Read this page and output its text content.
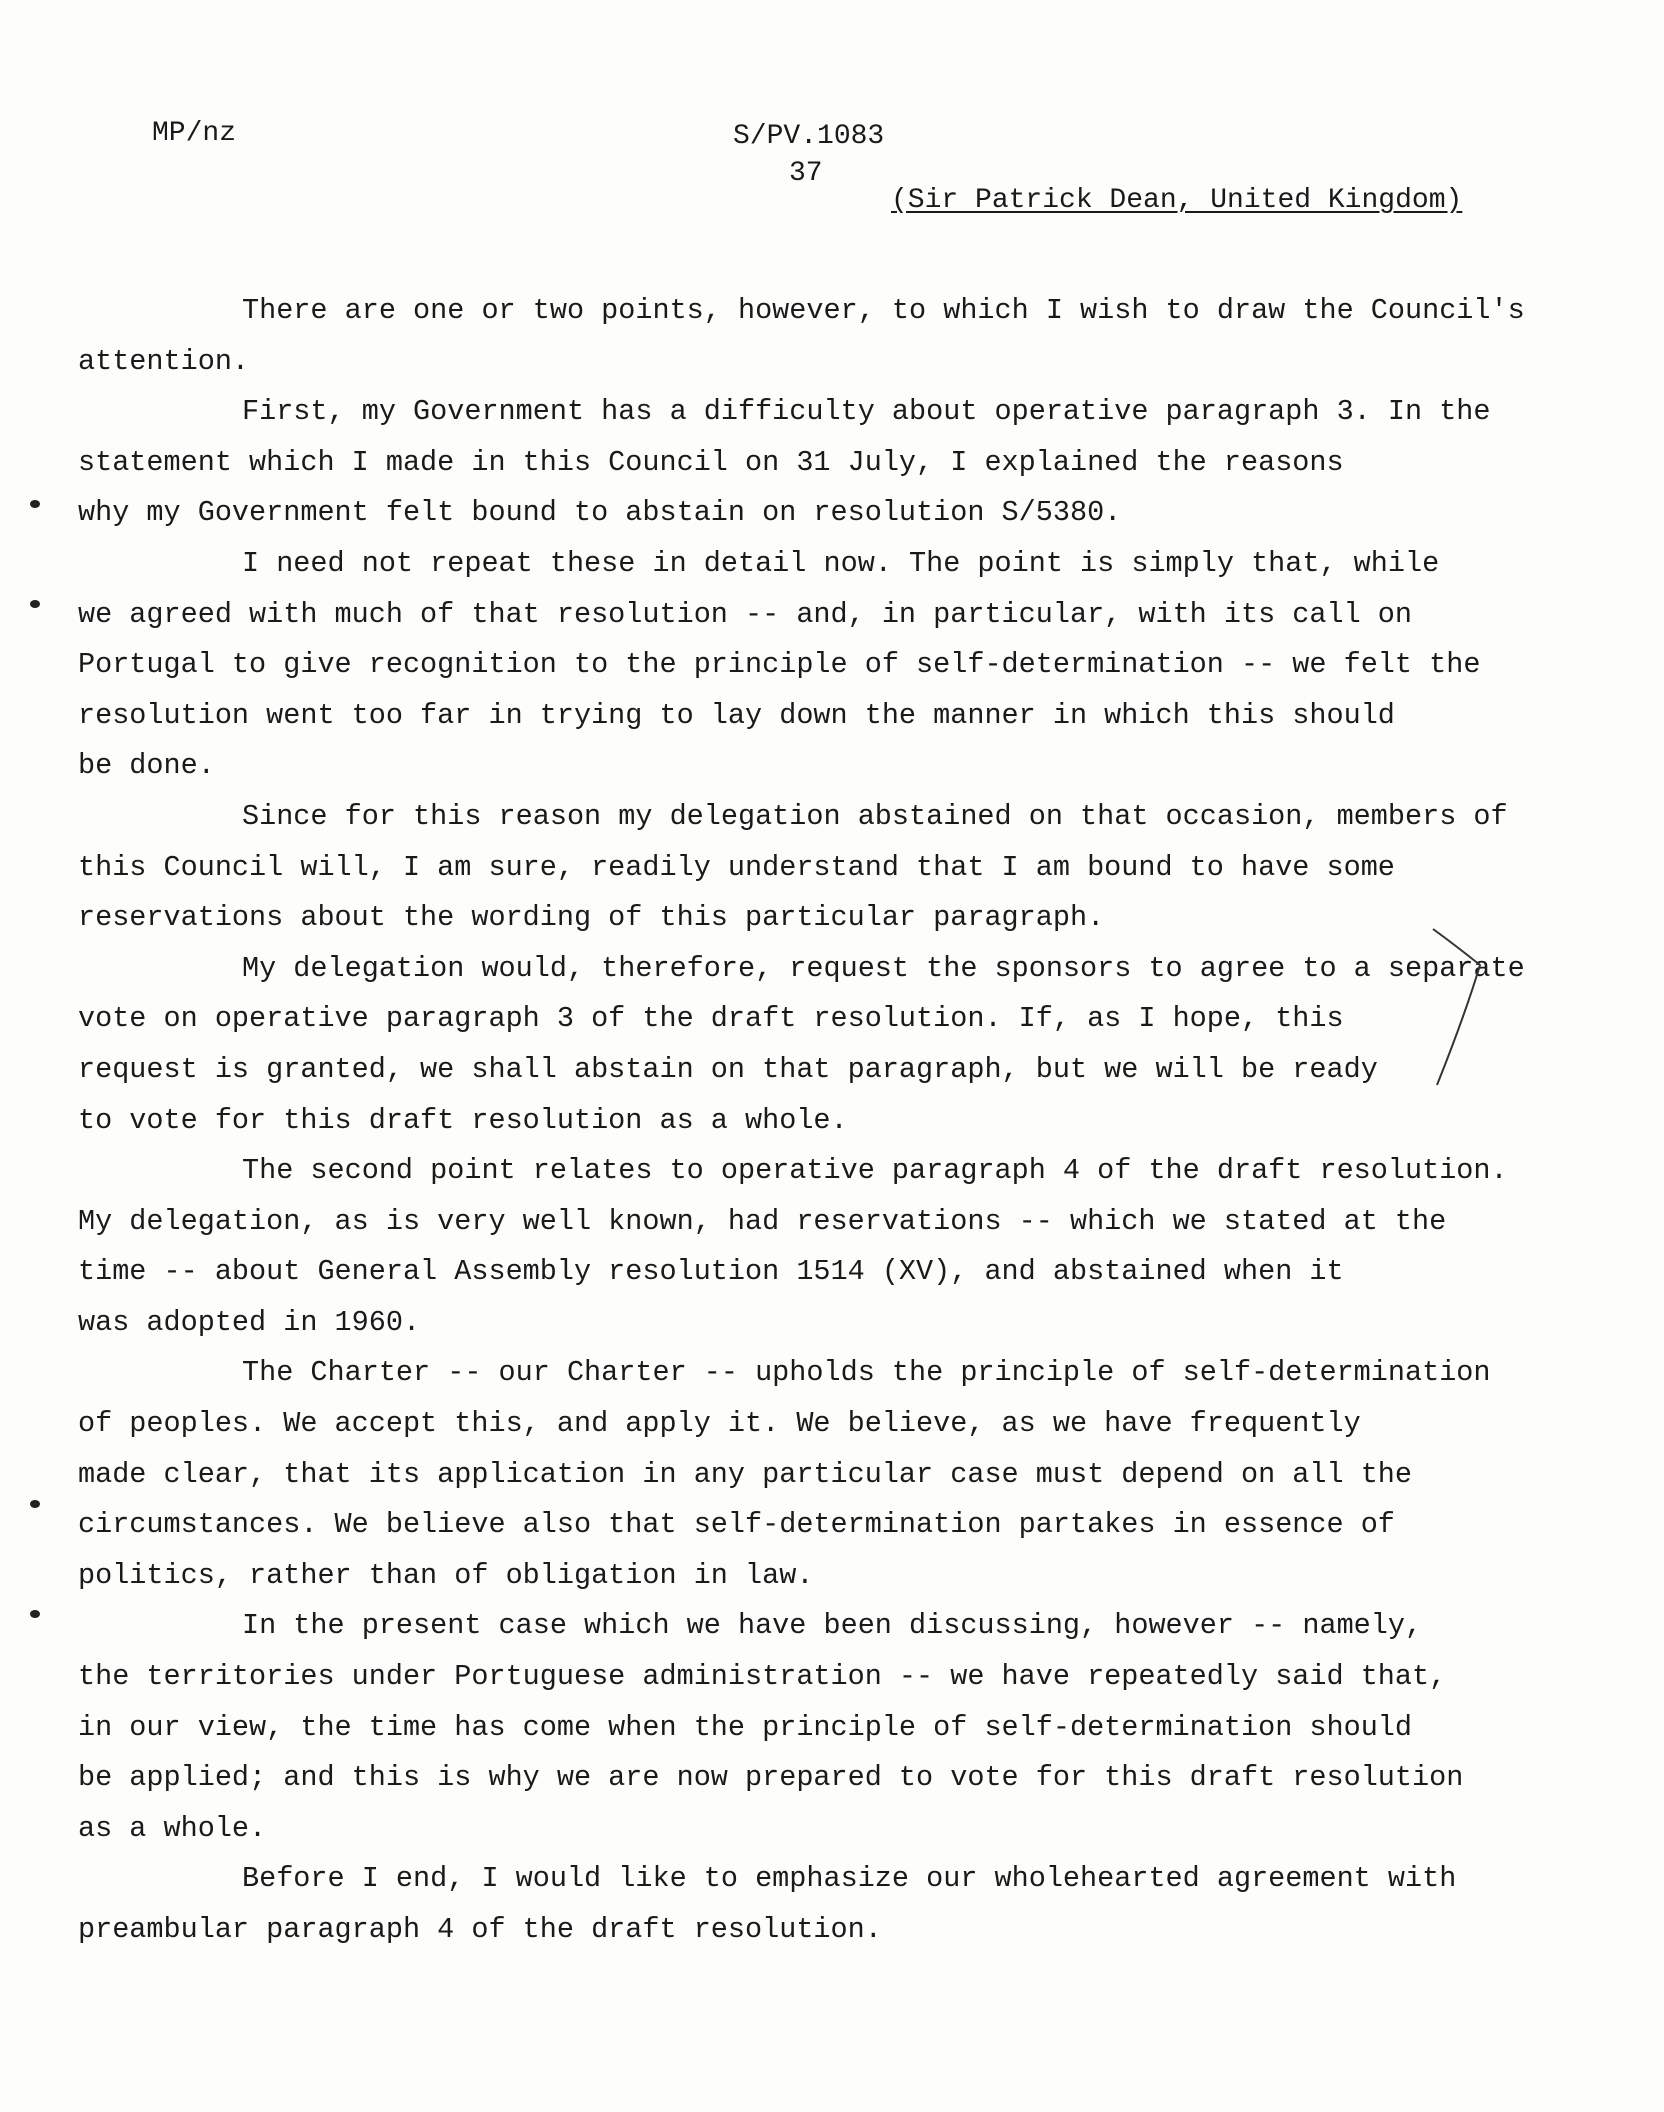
MP/nz	S/PV.1083
37
(Sir Patrick Dean, United Kingdom)

There are one or two points, however, to which I wish to draw the Council's
attention.

First, my Government has a difficulty about operative paragraph 3. In the
statement which I made in this Council on 31 July, I explained the reasons
why my Government felt bound to abstain on resolution S/5380.

I need not repeat these in detail now. The point is simply that, while
we agreed with much of that resolution -- and, in particular, with its call on
Portugal to give recognition to the principle of self-determination -- we felt the
resolution went too far in trying to lay down the manner in which this should
be done.

Since for this reason my delegation abstained on that occasion, members of
this Council will, I am sure, readily understand that I am bound to have some
reservations about the wording of this particular paragraph.

My delegation would, therefore, request the sponsors to agree to a separate
vote on operative paragraph 3 of the draft resolution. If, as I hope, this
request is granted, we shall abstain on that paragraph, but we will be ready
to vote for this draft resolution as a whole.

The second point relates to operative paragraph 4 of the draft resolution.
My delegation, as is very well known, had reservations -- which we stated at the
time -- about General Assembly resolution 1514 (XV), and abstained when it
was adopted in 1960.

The Charter -- our Charter -- upholds the principle of self-determination
of peoples. We accept this, and apply it. We believe, as we have frequently
made clear, that its application in any particular case must depend on all the
circumstances. We believe also that self-determination partakes in essence of
politics, rather than of obligation in law.

In the present case which we have been discussing, however -- namely,
the territories under Portuguese administration -- we have repeatedly said that,
in our view, the time has come when the principle of self-determination should
be applied; and this is why we are now prepared to vote for this draft resolution
as a whole.

Before I end, I would like to emphasize our wholehearted agreement with
preambular paragraph 4 of the draft resolution.
